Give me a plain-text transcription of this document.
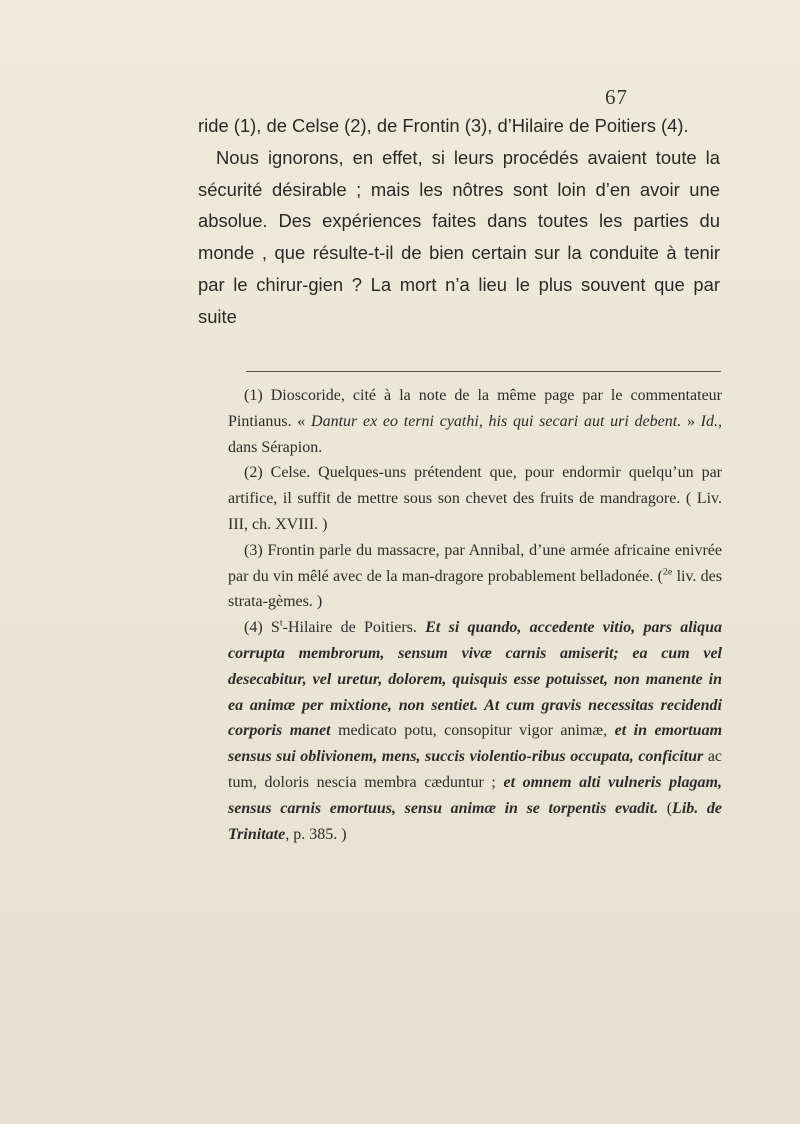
67

ride (1), de Celse (2), de Frontin (3), d’Hilaire de Poitiers (4).

Nous ignorons, en effet, si leurs procédés avaient toute la sécurité désirable ; mais les nôtres sont loin d’en avoir une absolue. Des expériences faites dans toutes les parties du monde , que résulte-t-il de bien certain sur la conduite à tenir par le chirur-gien ? La mort n’a lieu le plus souvent que par suite

(1) Dioscoride, cité à la note de la même page par le commentateur Pintianus. « Dantur ex eo terni cyathi, his qui secari aut uri debent. » Id., dans Sérapion.

(2) Celse. Quelques-uns prétendent que, pour endormir quelqu’un par artifice, il suffit de mettre sous son chevet des fruits de mandragore. ( Liv. III, ch. XVIII. )

(3) Frontin parle du massacre, par Annibal, d’une armée africaine enivrée par du vin mêlé avec de la man-dragore probablement belladonée. ($^{2e}$ liv. des strata-gèmes. )

(4) $S^t$-Hilaire de Poitiers. Et si quando, accedente vitio, pars aliqua corrupta membrorum, sensum vivæ carnis amiserit; ea cum vel desecabitur, vel uretur, dolorem, quisquis esse potuisset, non manente in ea animæ per mixtione, non sentiet. At cum gravis necessitas recidendi corporis manet medicato potu, consopitur vigor animæ, et in emortuam sensus sui oblivionem, mens, succis violentio-ribus occupata, conficitur ac tum, doloris nescia membra cæduntur ; et omnem alti vulneris plagam, sensus carnis emortuus, sensu animæ in se torpentis evadit. (Lib. de Trinitate, p. 385. )
